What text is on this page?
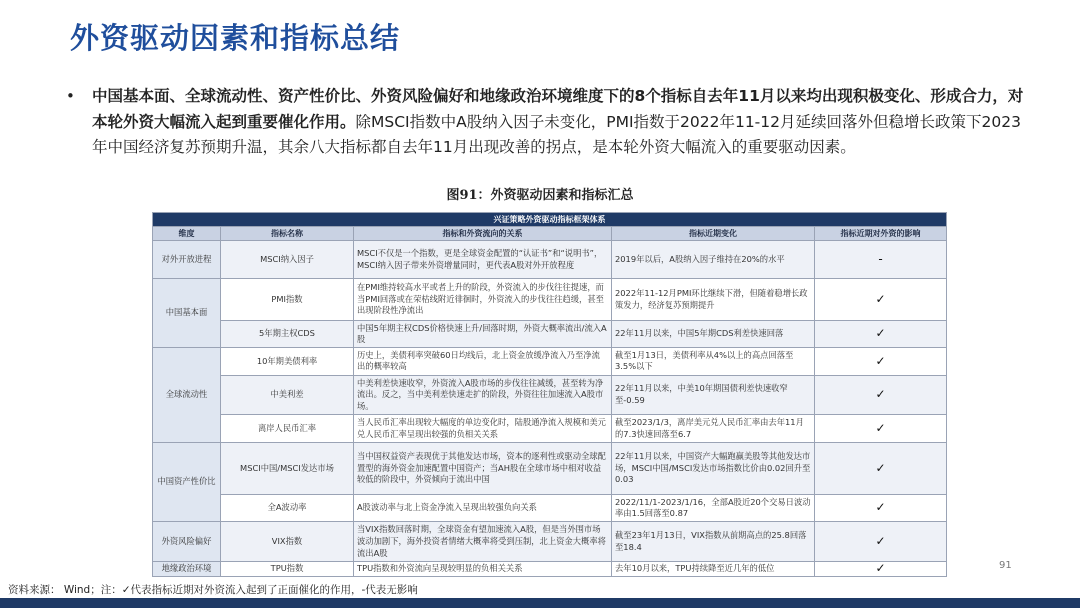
外资驱动因素和指标总结
• 中国基本面、全球流动性、资产性价比、外资风险偏好和地缘政治环境维度下的8个指标自去年11月以来均出现积极变化、形成合力，对本轮外资大幅流入起到重要催化作用。除MSCI指数中A股纳入因子未变化，PMI指数于2022年11-12月延续回落外但稳增长政策下2023年中国经济复苏预期升温，其余八大指标都自去年11月出现改善的拐点，是本轮外资大幅流入的重要驱动因素。
图91：外资驱动因素和指标汇总
兴证策略外资驱动指标框架体系				
维度	指标名称	指标和外资流向的关系	指标近期变化	指标近期对外资的影响
对外开放进程	MSCI纳入因子	MSCI不仅是一个指数，更是全球资金配置的“认证书”和“说明书”，MSCI纳入因子带来外资增量同时，更代表A股对外开放程度	2019年以后，A股纳入因子维持在20%的水平	-
中国基本面	PMI指数	在PMI维持较高水平或者上升的阶段，外资流入的步伐往往提速，而当PMI回落或在荣枯线附近徘徊时，外资流入的步伐往往趋缓，甚至出现阶段性净流出	2022年11-12月PMI环比继续下滑，但随着稳增长政策发力，经济复苏预期提升	✓
	5年期主权CDS	中国5年期主权CDS价格快速上升/回落时期，外资大概率流出/流入A股	22年11月以来，中国5年期CDS利差快速回落	✓
全球流动性	10年期美债利率	历史上，美债利率突破60日均线后，北上资金放缓净流入乃至净流出的概率较高	截至1月13日，美债利率从4%以上的高点回落至3.5%以下	✓
	中美利差	中美利差快速收窄，外资流入A股市场的步伐往往减缓，甚至转为净流出。反之，当中美利差快速走扩的阶段，外资往往加速流入A股市场。	22年11月以来，中美10年期国债利差快速收窄至-0.59	✓
	离岸人民币汇率	当人民币汇率出现较大幅度的单边变化时，陆股通净流入规模和美元兑人民币汇率呈现出较强的负相关关系	截至2023/1/3，离岸美元兑人民币汇率由去年11月的7.3快速回落至6.7	✓
中国资产性价比	MSCI中国/MSCI发达市场	当中国权益资产表现优于其他发达市场，资本的逐利性或驱动全球配置型的海外资金加速配置中国资产；当AH股在全球市场中相对收益较低的阶段中，外资倾向于流出中国	22年11月以来，中国资产大幅跑赢美股等其他发达市场，MSCI中国/MSCI发达市场指数比价由0.02回升至0.03	✓
	全A波动率	A股波动率与北上资金净流入呈现出较强负向关系	2022/11/1-2023/1/16，全部A股近20个交易日波动率由1.5回落至0.87	✓
外资风险偏好	VIX指数	当VIX指数回落时期，全球资金有望加速流入A股，但是当外围市场波动加剧下，海外投资者情绪大概率将受到压制，北上资金大概率将流出A股	截至23年1月13日，VIX指数从前期高点的25.8回落至18.4	✓
地缘政治环境	TPU指数	TPU指数和外资流向呈现较明显的负相关关系	去年10月以来，TPU持续降至近几年的低位	✓	91
资料来源： Wind；注：✓代表指标近期对外资流入起到了正面催化的作用，-代表无影响
